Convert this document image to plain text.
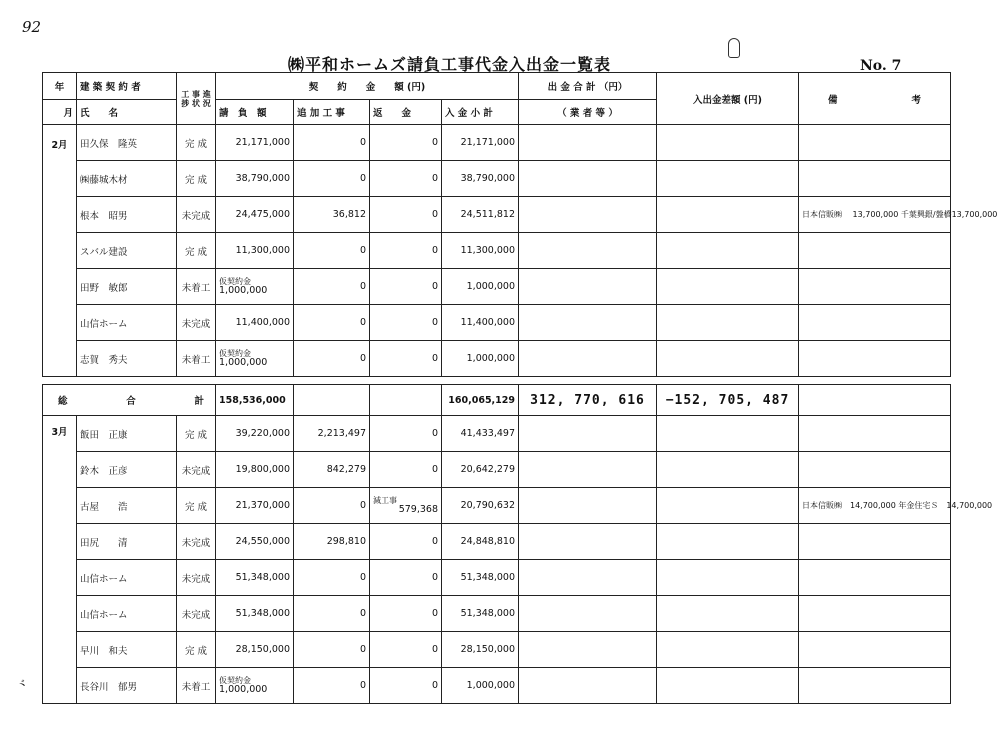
92
㈱平和ホームズ請負工事代金入出金一覧表	No. 7
ヾ
年	建 築 契 約 者	工 事 進 捗 状 況	契　　約　　金　　額 (円)				出 金 合 計 （円）	入出金差額 (円)	備 考

月	氏　　名		請　負　額	追 加 工 事	返　　金	入 金 小 計	（ 業 者 等 ）		
2月	田久保　隆英	完 成	21,171,000	0	0	21,171,000			
	㈱藤城木材	完 成	38,790,000	0	0	38,790,000			
	根本　昭男	未完成	24,475,000	36,812	0	24,511,812			日本信販㈱　 13,700,000 千葉興銀/盤橋13,700,000
	スバル建設	完 成	11,300,000	0	0	11,300,000			
	田野　敏郎	未着工	仮契約金
1,000,000	0	0	1,000,000			
	山信ホーム	未完成	11,400,000	0	0	11,400,000			
	志賀　秀夫	未着工	仮契約金
1,000,000	0	0	1,000,000			

総 合 計			158,536,000			160,065,129	312, 770, 616	−152, 705, 487	
3月	飯田　正康	完 成	39,220,000	2,213,497	0	41,433,497			
	鈴木　正彦	未完成	19,800,000	842,279	0	20,642,279			
	古屋　　浩	完 成	21,370,000	0	減工事
579,368	20,790,632			日本信販㈱　14,700,000 年金住宅Ｓ　14,700,000
	田尻　　清	未完成	24,550,000	298,810	0	24,848,810			
	山信ホーム	未完成	51,348,000	0	0	51,348,000			
	山信ホーム	未完成	51,348,000	0	0	51,348,000			
	早川　和夫	完 成	28,150,000	0	0	28,150,000			
	長谷川　郁男	未着工	仮契約金
1,000,000	0	0	1,000,000			
